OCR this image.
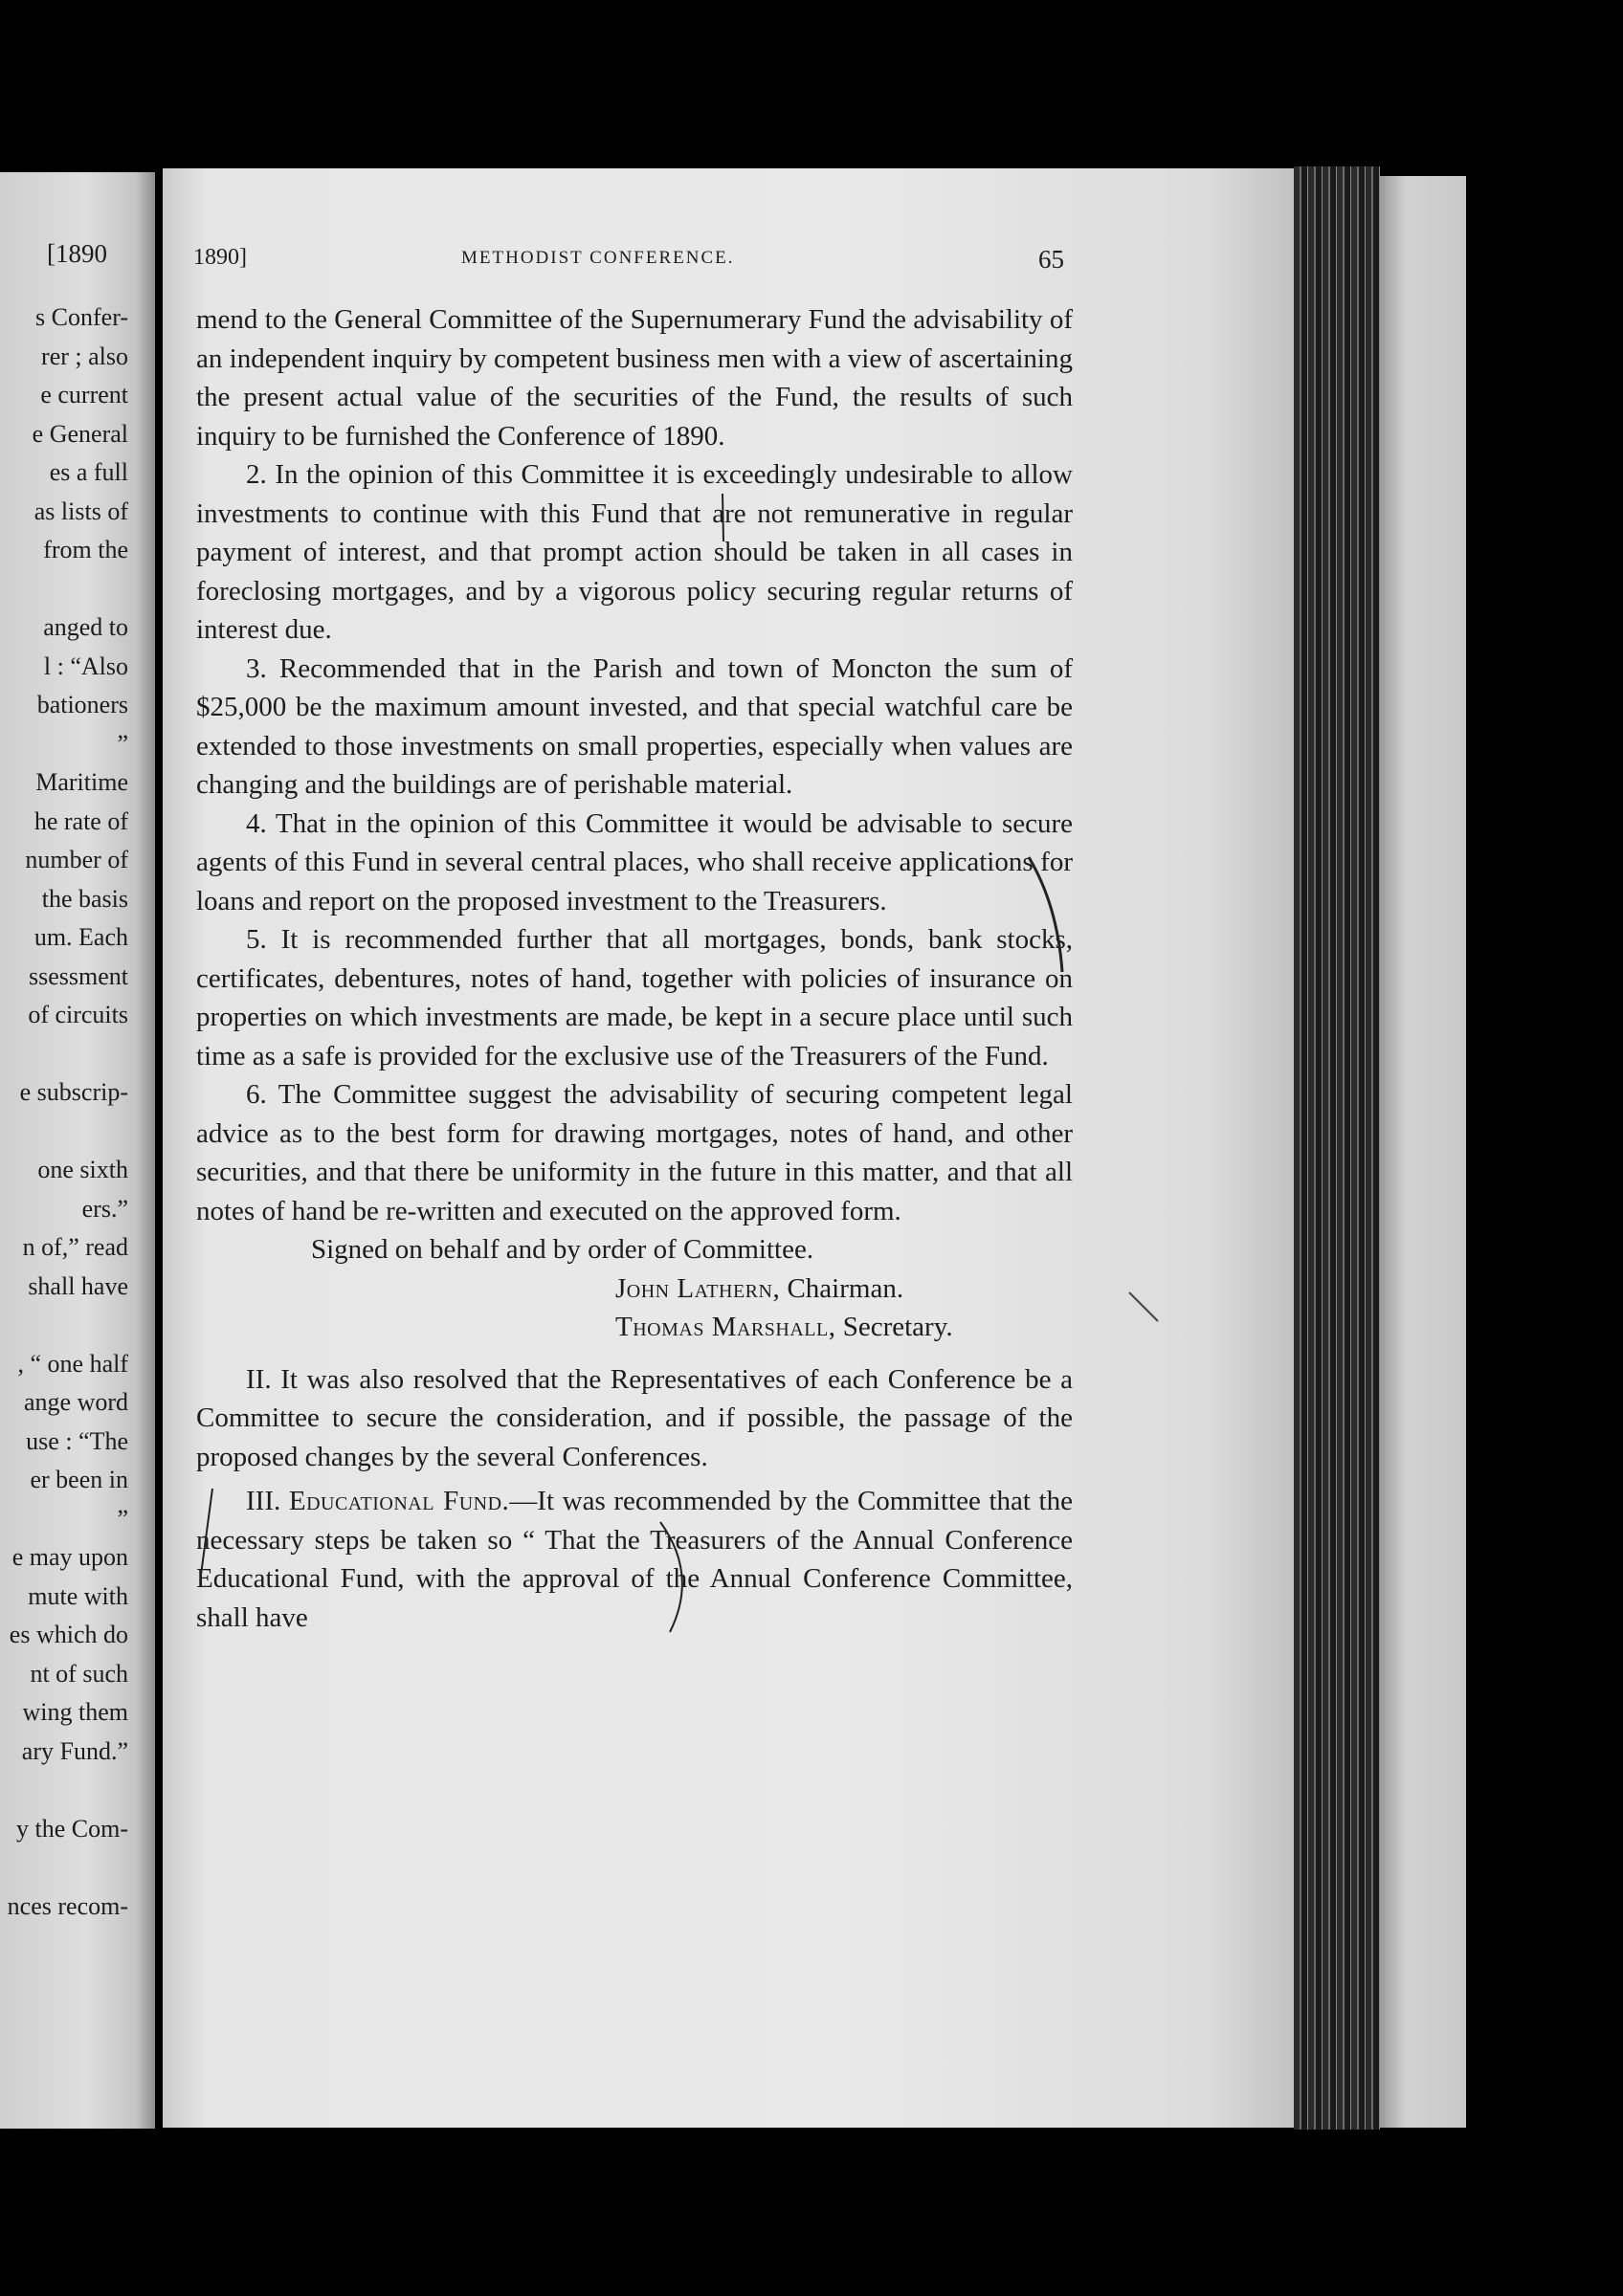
[1890

s Confer-
rer ; also
e current
e General
es a full
as lists of
from the

anged to
l : “Also
bationers
”
Maritime
he rate of
number of
the basis
um. Each
ssessment
of circuits

e subscrip-

one sixth
ers.”
n of,” read
shall have

, “ one half
ange word
use : “The
er been in
”
e may upon
mute with
es which do
nt of such
wing them
ary Fund.”

y the Com-

nces recom-
1890]	METHODIST CONFERENCE.	65

mend to the General Committee of the Supernumerary Fund the advisability of an independent inquiry by competent business men with a view of ascertaining the present actual value of the securities of the Fund, the results of such inquiry to be furnished the Conference of 1890.

2. In the opinion of this Committee it is exceedingly undesirable to allow investments to continue with this Fund that are not remunerative in regular payment of interest, and that prompt action should be taken in all cases in foreclosing mortgages, and by a vigorous policy securing regular returns of interest due.

3. Recommended that in the Parish and town of Moncton the sum of $25,000 be the maximum amount invested, and that special watchful care be extended to those investments on small properties, especially when values are changing and the buildings are of perishable material.

4. That in the opinion of this Committee it would be advisable to secure agents of this Fund in several central places, who shall receive applications for loans and report on the proposed investment to the Treasurers.

5. It is recommended further that all mortgages, bonds, bank stocks, certificates, debentures, notes of hand, together with policies of insurance on properties on which investments are made, be kept in a secure place until such time as a safe is provided for the exclusive use of the Treasurers of the Fund.

6. The Committee suggest the advisability of securing competent legal advice as to the best form for drawing mortgages, notes of hand, and other securities, and that there be uniformity in the future in this matter, and that all notes of hand be re-written and executed on the approved form.

Signed on behalf and by order of Committee.

John Lathern, Chairman.

Thomas Marshall, Secretary.

II. It was also resolved that the Representatives of each Conference be a Committee to secure the consideration, and if possible, the passage of the proposed changes by the several Conferences.

III. Educational Fund.—It was recommended by the Committee that the necessary steps be taken so “ That the Treasurers of the Annual Conference Educational Fund, with the approval of the Annual Conference Committee, shall have
